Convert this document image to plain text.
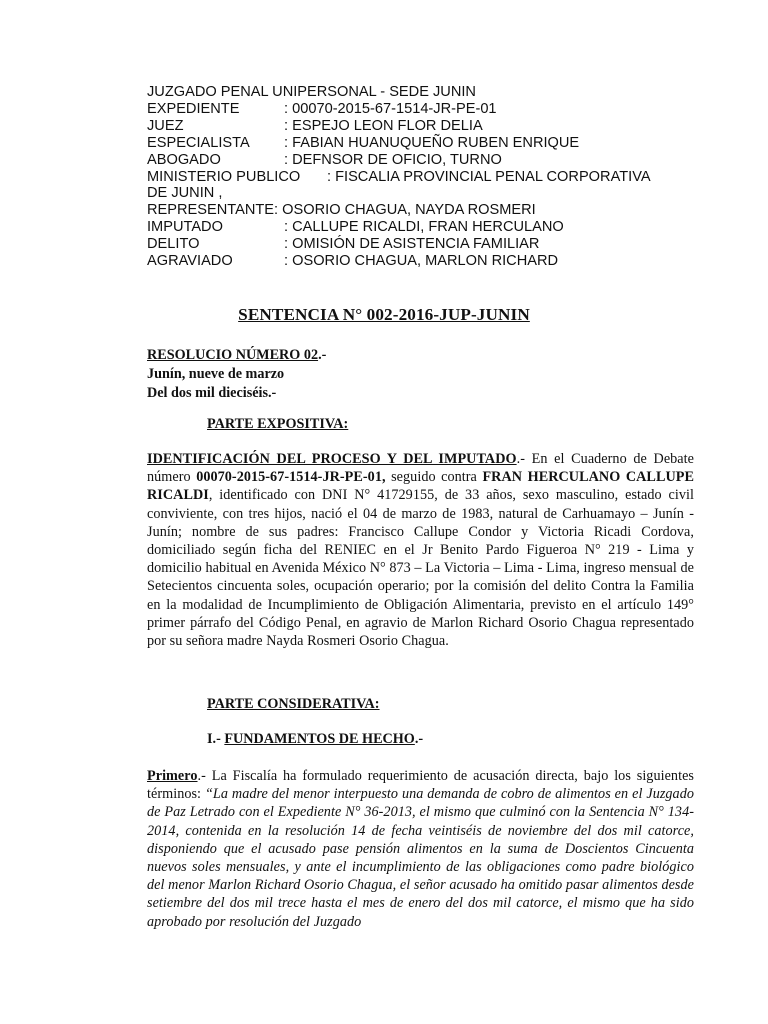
JUZGADO PENAL UNIPERSONAL - SEDE JUNIN
EXPEDIENTE	: 00070-2015-67-1514-JR-PE-01
JUEZ	: ESPEJO LEON FLOR DELIA
ESPECIALISTA : FABIAN HUANUQUEÑO RUBEN ENRIQUE
ABOGADO	: DEFNSOR DE OFICIO, TURNO
MINISTERIO PUBLICO : FISCALIA PROVINCIAL PENAL CORPORATIVA
DE JUNIN ,
REPRESENTANTE: OSORIO CHAGUA, NAYDA ROSMERI
IMPUTADO	: CALLUPE RICALDI, FRAN HERCULANO
DELITO	: OMISIÓN DE ASISTENCIA FAMILIAR
AGRAVIADO	: OSORIO CHAGUA, MARLON RICHARD
SENTENCIA N° 002-2016-JUP-JUNIN
RESOLUCIO NÚMERO 02.-
Junín, nueve de marzo
Del dos mil dieciséis.-
PARTE EXPOSITIVA:
IDENTIFICACIÓN DEL PROCESO Y DEL IMPUTADO.- En el Cuaderno de Debate número 00070-2015-67-1514-JR-PE-01, seguido contra FRAN HERCULANO CALLUPE RICALDI, identificado con DNI N° 41729155, de 33 años, sexo masculino, estado civil conviviente, con tres hijos, nació el 04 de marzo de 1983, natural de Carhuamayo – Junín - Junín; nombre de sus padres: Francisco Callupe Condor y Victoria Ricadi Cordova, domiciliado según ficha del RENIEC en el Jr Benito Pardo Figueroa N° 219 - Lima y domicilio habitual en Avenida México N° 873 – La Victoria – Lima - Lima, ingreso mensual de Setecientos cincuenta soles, ocupación operario; por la comisión del delito Contra la Familia en la modalidad de Incumplimiento de Obligación Alimentaria, previsto en el artículo 149° primer párrafo del Código Penal, en agravio de Marlon Richard Osorio Chagua representado por su señora madre Nayda Rosmeri Osorio Chagua.
PARTE CONSIDERATIVA:
I.- FUNDAMENTOS DE HECHO.-
Primero.- La Fiscalía ha formulado requerimiento de acusación directa, bajo los siguientes términos: “La madre del menor interpuesto una demanda de cobro de alimentos en el Juzgado de Paz Letrado con el Expediente N° 36-2013, el mismo que culminó con la Sentencia N° 134-2014, contenida en la resolución 14 de fecha veintiséis de noviembre del dos mil catorce, disponiendo que el acusado pase pensión alimentos en la suma de Doscientos Cincuenta nuevos soles mensuales, y ante el incumplimiento de las obligaciones como padre biológico del menor Marlon Richard Osorio Chagua, el señor acusado ha omitido pasar alimentos desde setiembre del dos mil trece hasta el mes de enero del dos mil catorce, el mismo que ha sido aprobado por resolución del Juzgado
